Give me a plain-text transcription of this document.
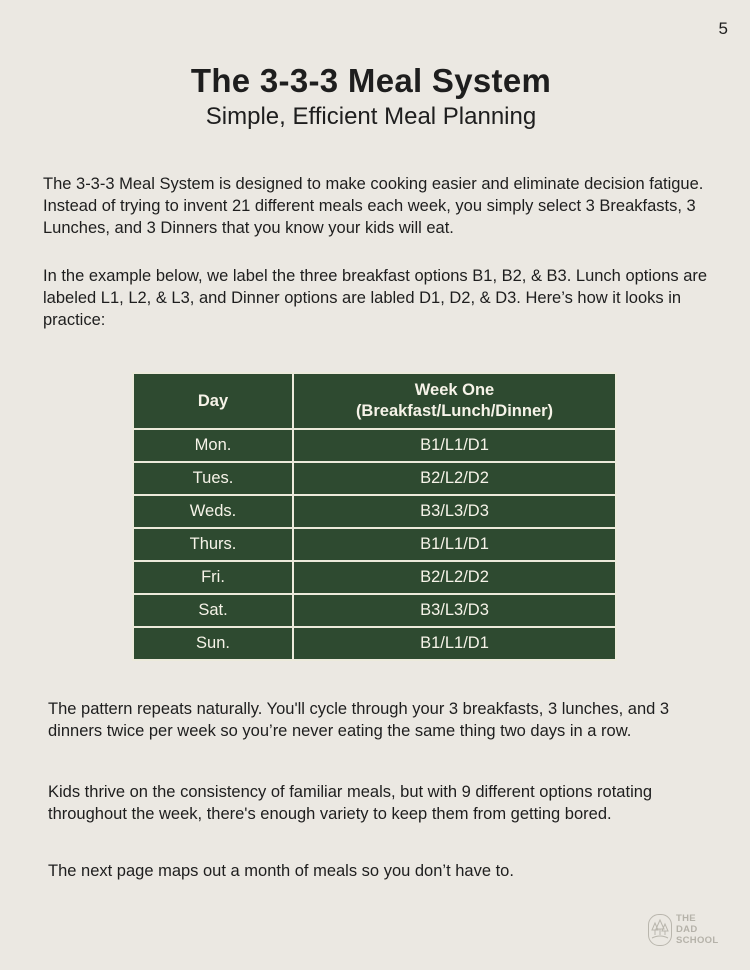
5
The 3-3-3 Meal System
Simple, Efficient Meal Planning

The 3-3-3 Meal System is designed to make cooking easier and eliminate decision fatigue. Instead of trying to invent 21 different meals each week, you simply select 3 Breakfasts, 3 Lunches, and 3 Dinners that you know your kids will eat.

In the example below, we label the three breakfast options B1, B2, & B3. Lunch options are labeled L1, L2, & L3, and Dinner options are labled D1, D2, & D3. Here’s how it looks in practice:

Day	Week One
(Breakfast/Lunch/Dinner)
Mon.	B1/L1/D1
Tues.	B2/L2/D2
Weds.	B3/L3/D3
Thurs.	B1/L1/D1
Fri.	B2/L2/D2
Sat.	B3/L3/D3
Sun.	B1/L1/D1

The pattern repeats naturally. You'll cycle through your 3 breakfasts, 3 lunches, and 3 dinners twice per week so you’re never eating the same thing two days in a row.

Kids thrive on the consistency of familiar meals, but with 9 different options rotating throughout the week, there's enough variety to keep them from getting bored.

The next page maps out a month of meals so you don’t have to.

THE
DAD
SCHOOL
